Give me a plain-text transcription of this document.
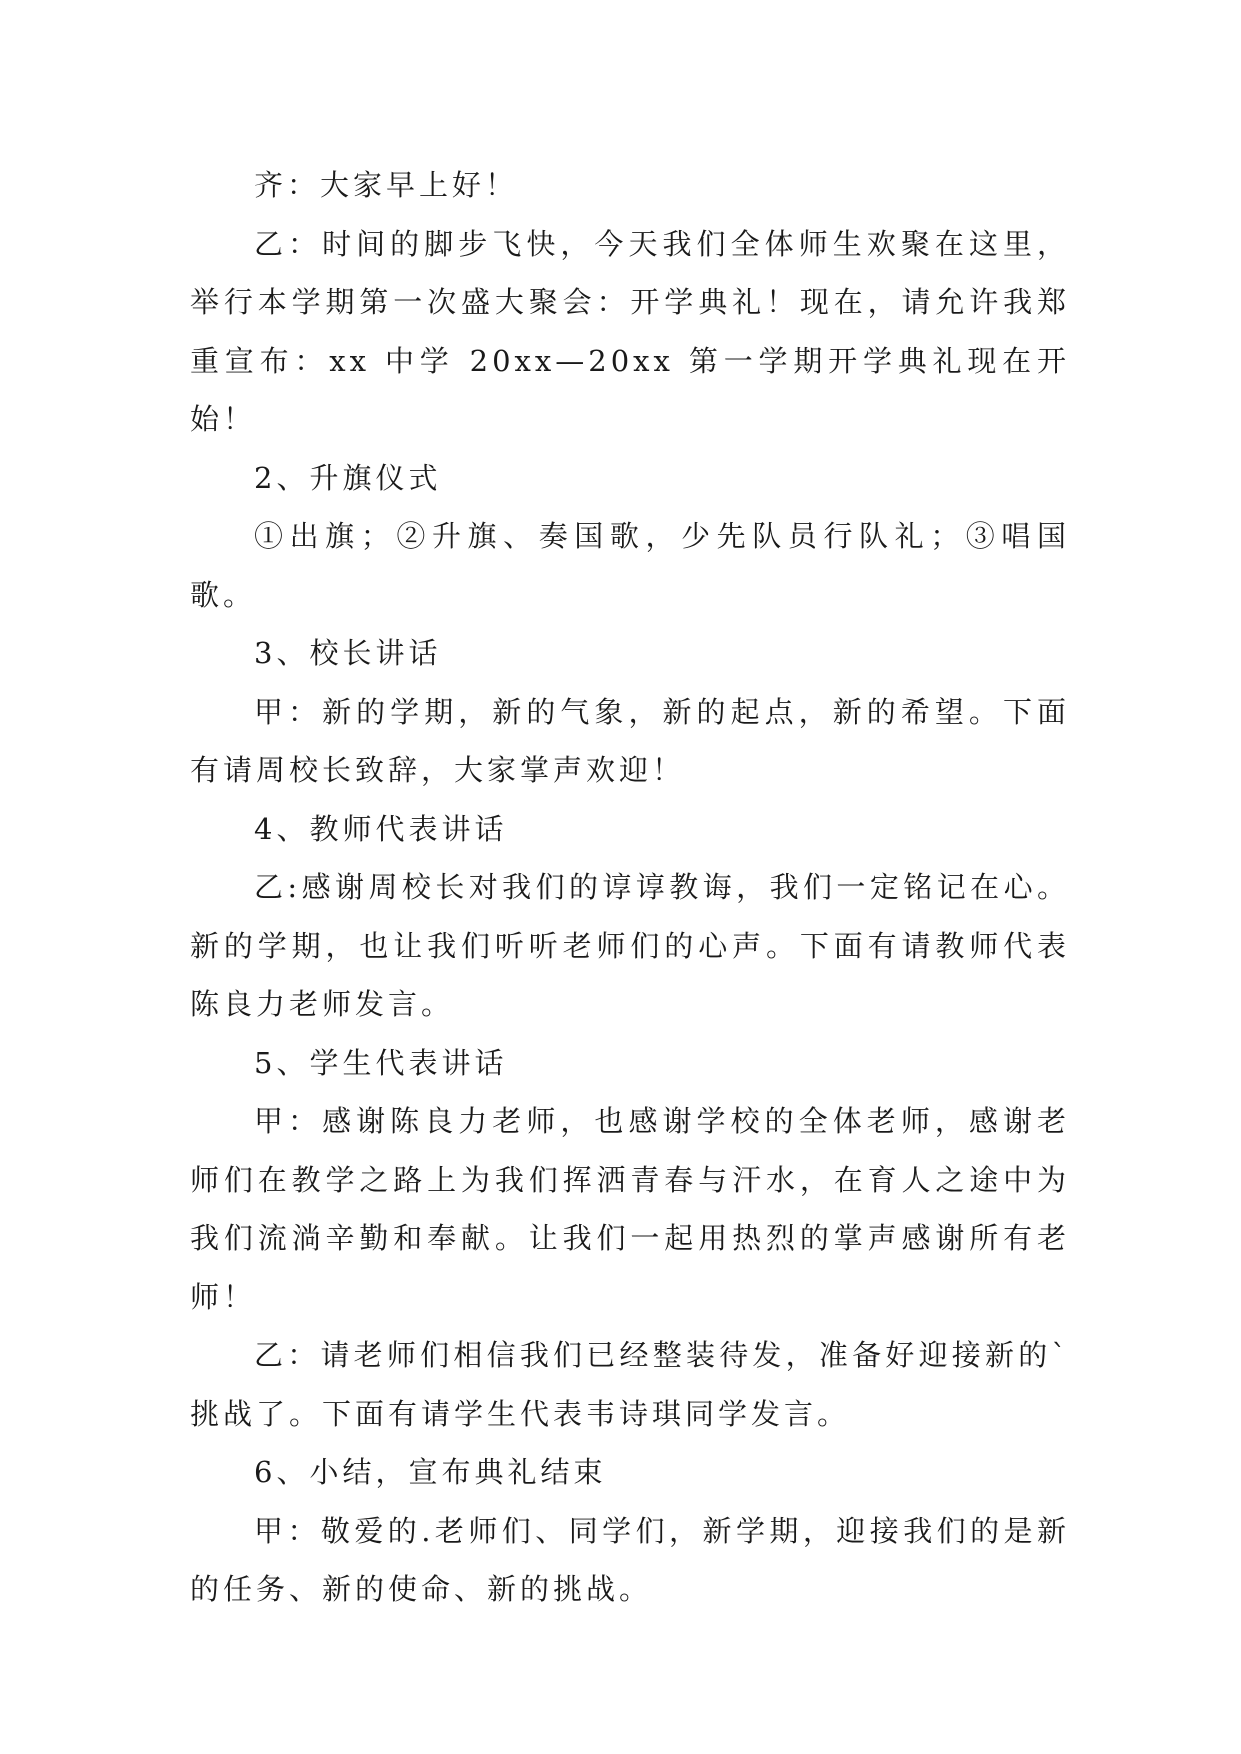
齐：大家早上好！

乙：时间的脚步飞快，今天我们全体师生欢聚在这里，举行本学期第一次盛大聚会：开学典礼！现在，请允许我郑重宣布：xx 中学 20xx—20xx 第一学期开学典礼现在开始！

2、升旗仪式

①出旗；②升旗、奏国歌，少先队员行队礼；③唱国歌。

3、校长讲话

甲：新的学期，新的气象，新的起点，新的希望。下面有请周校长致辞，大家掌声欢迎！

4、教师代表讲话

乙:感谢周校长对我们的谆谆教诲，我们一定铭记在心。新的学期，也让我们听听老师们的心声。下面有请教师代表陈良力老师发言。

5、学生代表讲话

甲：感谢陈良力老师，也感谢学校的全体老师，感谢老师们在教学之路上为我们挥洒青春与汗水，在育人之途中为我们流淌辛勤和奉献。让我们一起用热烈的掌声感谢所有老师！

乙：请老师们相信我们已经整装待发，准备好迎接新的`挑战了。下面有请学生代表韦诗琪同学发言。

6、小结，宣布典礼结束

甲：敬爱的.老师们、同学们，新学期，迎接我们的是新的任务、新的使命、新的挑战。
